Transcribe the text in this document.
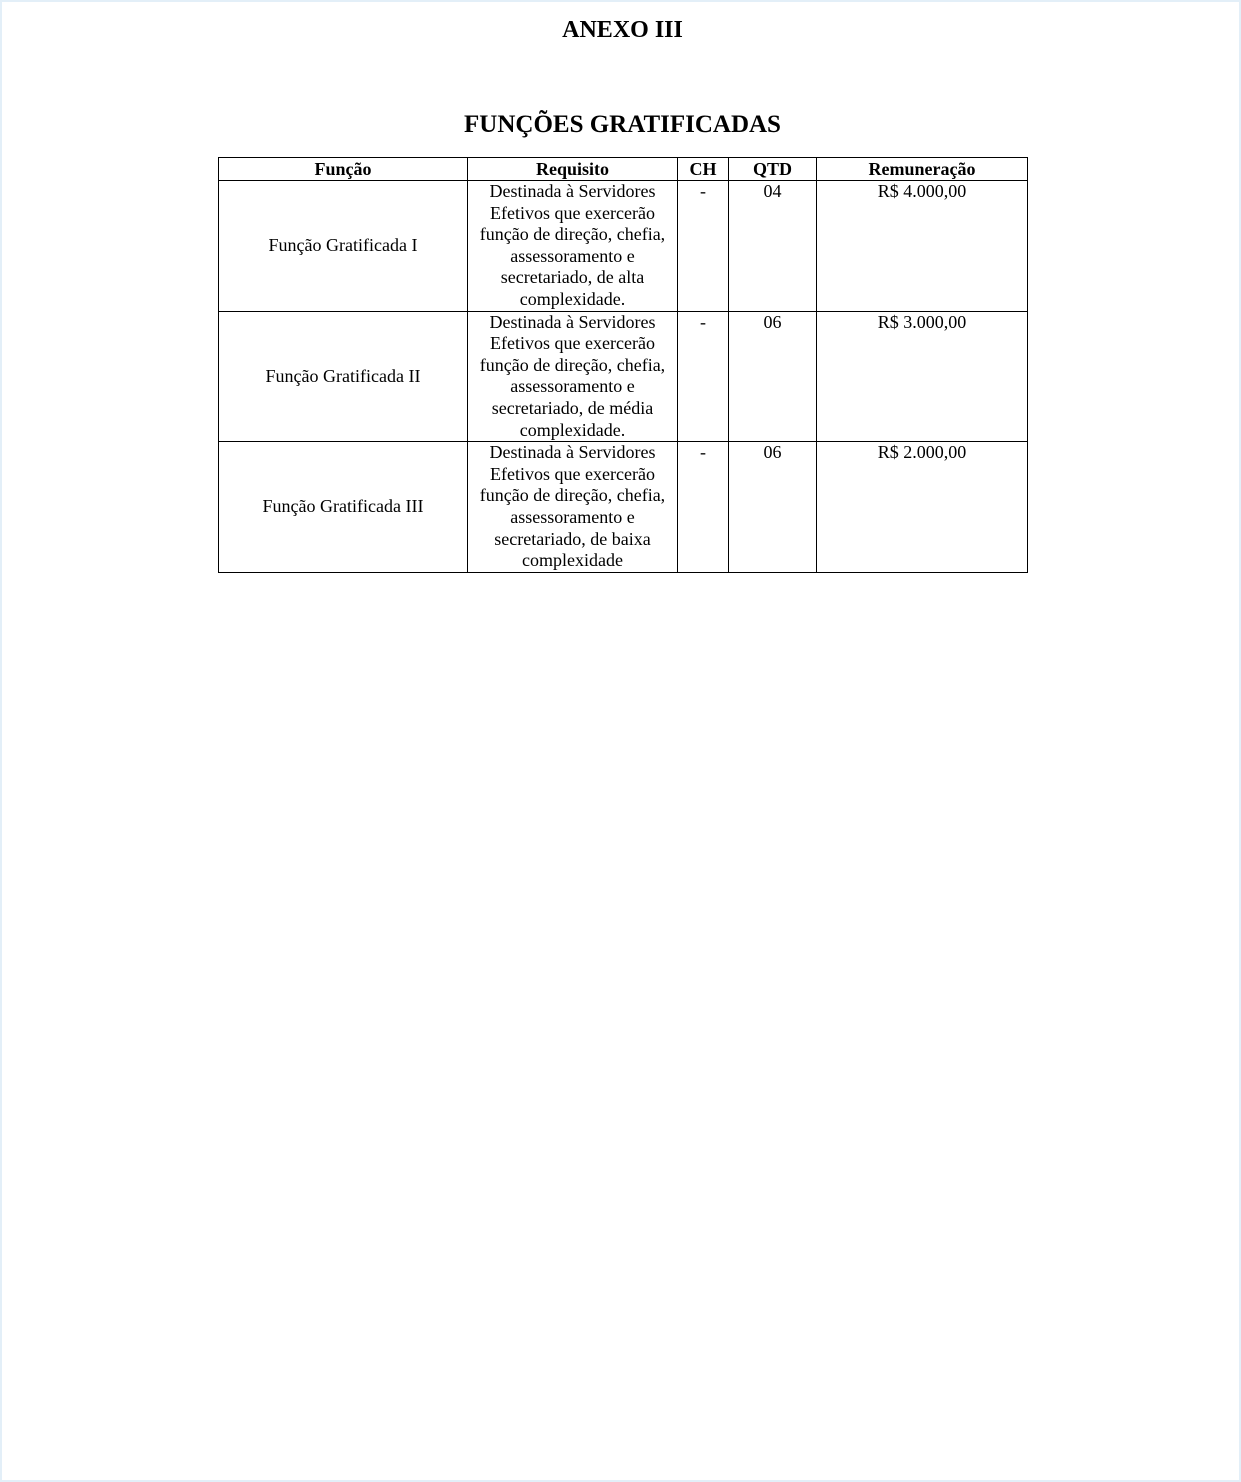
ANEXO III
FUNÇÕES GRATIFICADAS
Função	Requisito	CH	QTD	Remuneração
Função Gratificada I	Destinada à Servidores Efetivos que exercerão função de direção, chefia, assessoramento e secretariado, de alta complexidade.	-	04	R$ 4.000,00
Função Gratificada II	Destinada à Servidores Efetivos que exercerão função de direção, chefia, assessoramento e secretariado, de média complexidade.	-	06	R$ 3.000,00
Função Gratificada III	Destinada à Servidores Efetivos que exercerão função de direção, chefia, assessoramento e secretariado, de baixa complexidade	-	06	R$ 2.000,00
